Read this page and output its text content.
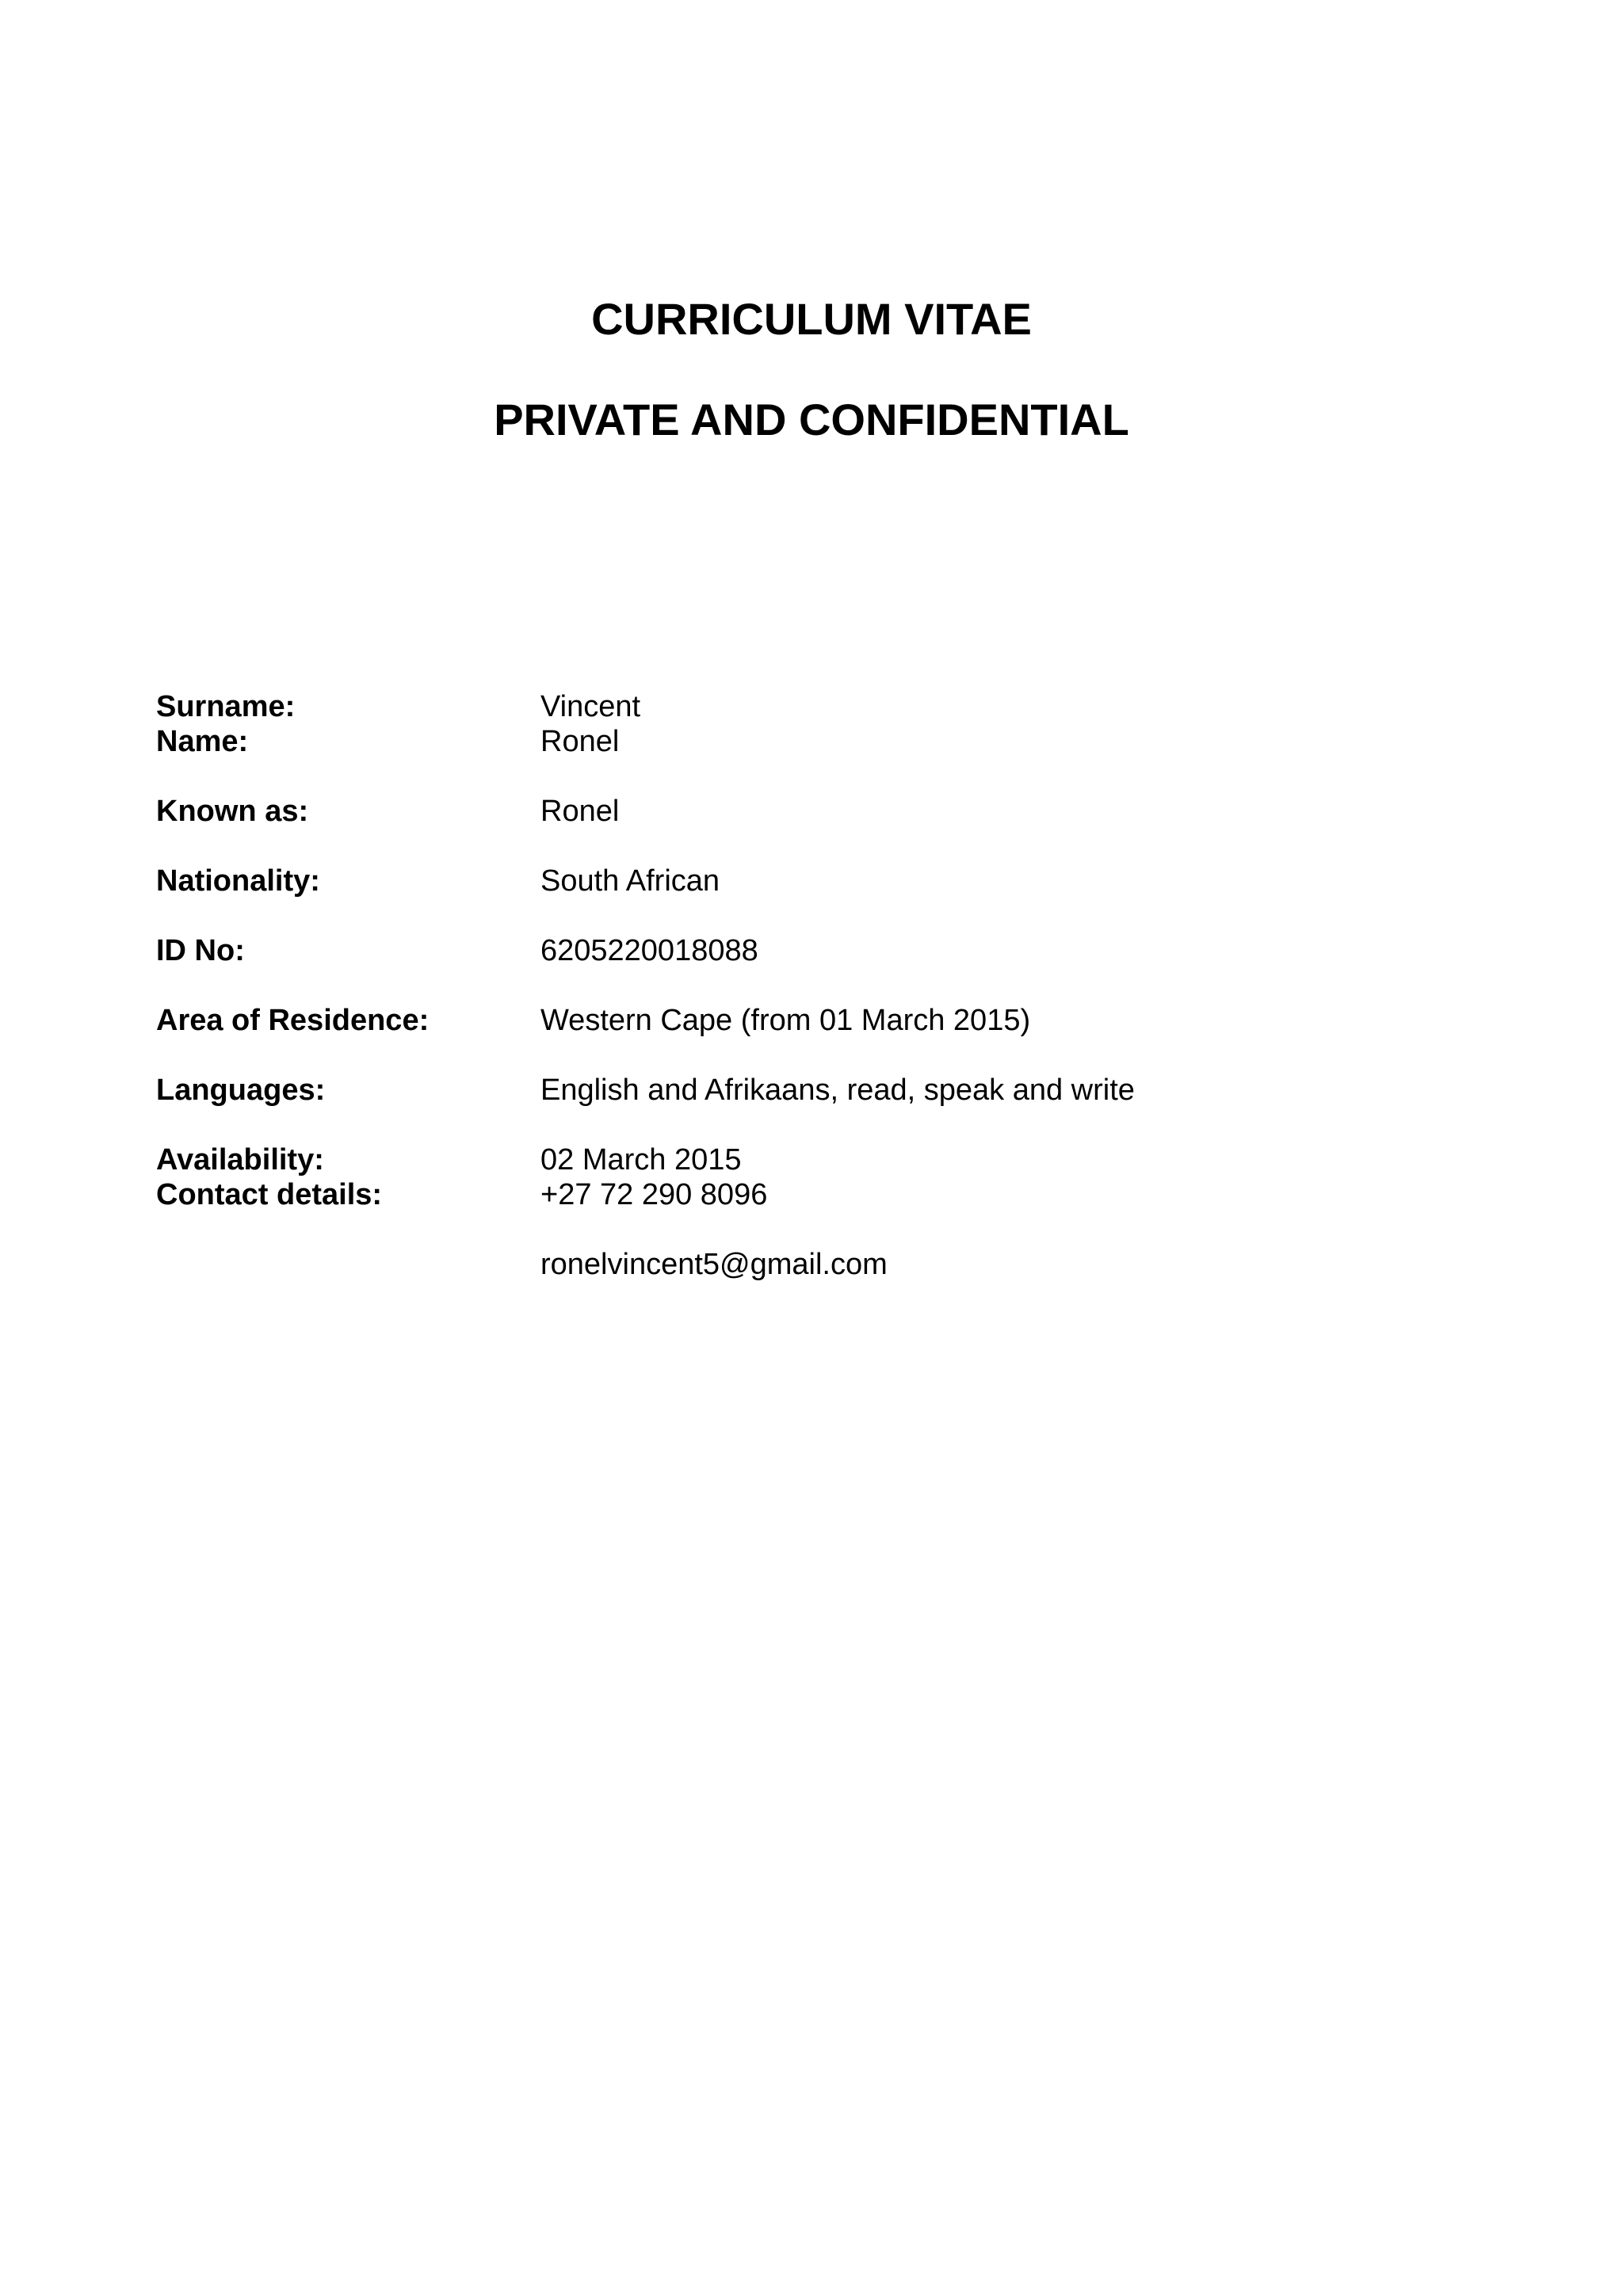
CURRICULUM VITAE
PRIVATE AND CONFIDENTIAL
Surname:	Vincent
Name:	Ronel
Known as:	Ronel
Nationality:	South African
ID No:	6205220018088
Area of Residence:	Western Cape (from 01 March 2015)
Languages:	English and Afrikaans, read, speak and write
Availability:	02 March 2015
Contact details:	+27 72 290 8096
ronelvincent5@gmail.com
